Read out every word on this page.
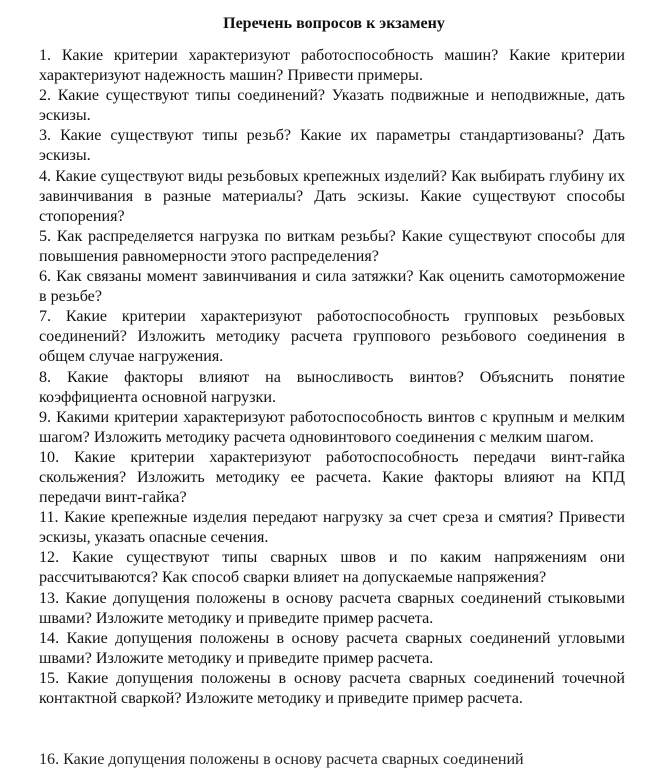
Перечень вопросов к экзамену
1. Какие критерии характеризуют работоспособность машин? Какие критерии характеризуют надежность машин? Привести примеры.
2. Какие существуют типы соединений? Указать подвижные и неподвижные, дать эскизы.
3. Какие существуют типы резьб? Какие их параметры стандартизованы? Дать эскизы.
4. Какие существуют виды резьбовых крепежных изделий? Как выбирать глубину их завинчивания в разные материалы? Дать эскизы. Какие существуют способы стопорения?
5. Как распределяется нагрузка по виткам резьбы? Какие существуют способы для повышения равномерности этого распределения?
6. Как связаны момент завинчивания и сила затяжки? Как оценить самоторможение в резьбе?
7. Какие критерии характеризуют работоспособность групповых резьбовых соединений? Изложить методику расчета группового резьбового соединения в общем случае нагружения.
8. Какие факторы влияют на выносливость винтов? Объяснить понятие коэффициента основной нагрузки.
9. Какими критерии характеризуют работоспособность винтов с крупным и мелким шагом? Изложить методику расчета одновинтового соединения с мелким шагом.
10. Какие критерии характеризуют работоспособность передачи винт-гайка скольжения? Изложить методику ее расчета. Какие факторы влияют на КПД передачи винт-гайка?
11. Какие крепежные изделия передают нагрузку за счет среза и смятия? Привести эскизы, указать опасные сечения.
12. Какие существуют типы сварных швов и по каким напряжениям они рассчитываются? Как способ сварки влияет на допускаемые напряжения?
13. Какие допущения положены в основу расчета сварных соединений стыковыми швами? Изложите методику и приведите пример расчета.
14. Какие допущения положены в основу расчета сварных соединений угловыми швами? Изложите методику и приведите пример расчета.
15. Какие допущения положены в основу расчета сварных соединений точечной контактной сваркой? Изложите методику и приведите пример расчета.
16. Какие допущения положены в основу расчета сварных соединений
